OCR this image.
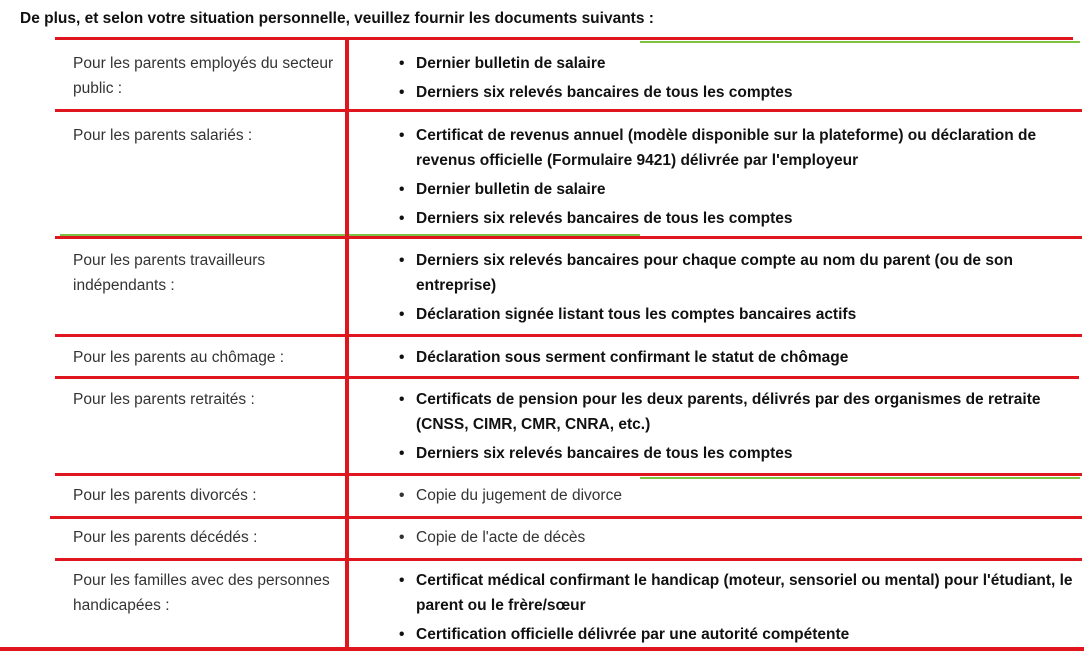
De plus, et selon votre situation personnelle, veuillez fournir les documents suivants :
Pour les parents employés du secteur public :
• Dernier bulletin de salaire
• Derniers six relevés bancaires de tous les comptes
Pour les parents salariés :	• Certificat de revenus annuel (modèle disponible sur la plateforme) ou déclaration de revenus officielle (Formulaire 9421) délivrée par l'employeur
• Dernier bulletin de salaire
• Derniers six relevés bancaires de tous les comptes
Pour les parents travailleurs indépendants :
• Derniers six relevés bancaires pour chaque compte au nom du parent (ou de son entreprise)
• Déclaration signée listant tous les comptes bancaires actifs
Pour les parents au chômage :	• Déclaration sous serment confirmant le statut de chômage
Pour les parents retraités :	• Certificats de pension pour les deux parents, délivrés par des organismes de retraite (CNSS, CIMR, CMR, CNRA, etc.)
• Derniers six relevés bancaires de tous les comptes
Pour les parents divorcés :	• Copie du jugement de divorce
Pour les parents décédés :	• Copie de l'acte de décès
Pour les familles avec des personnes handicapées :
• Certificat médical confirmant le handicap (moteur, sensoriel ou mental) pour l'étudiant, le parent ou le frère/sœur
• Certification officielle délivrée par une autorité compétente
